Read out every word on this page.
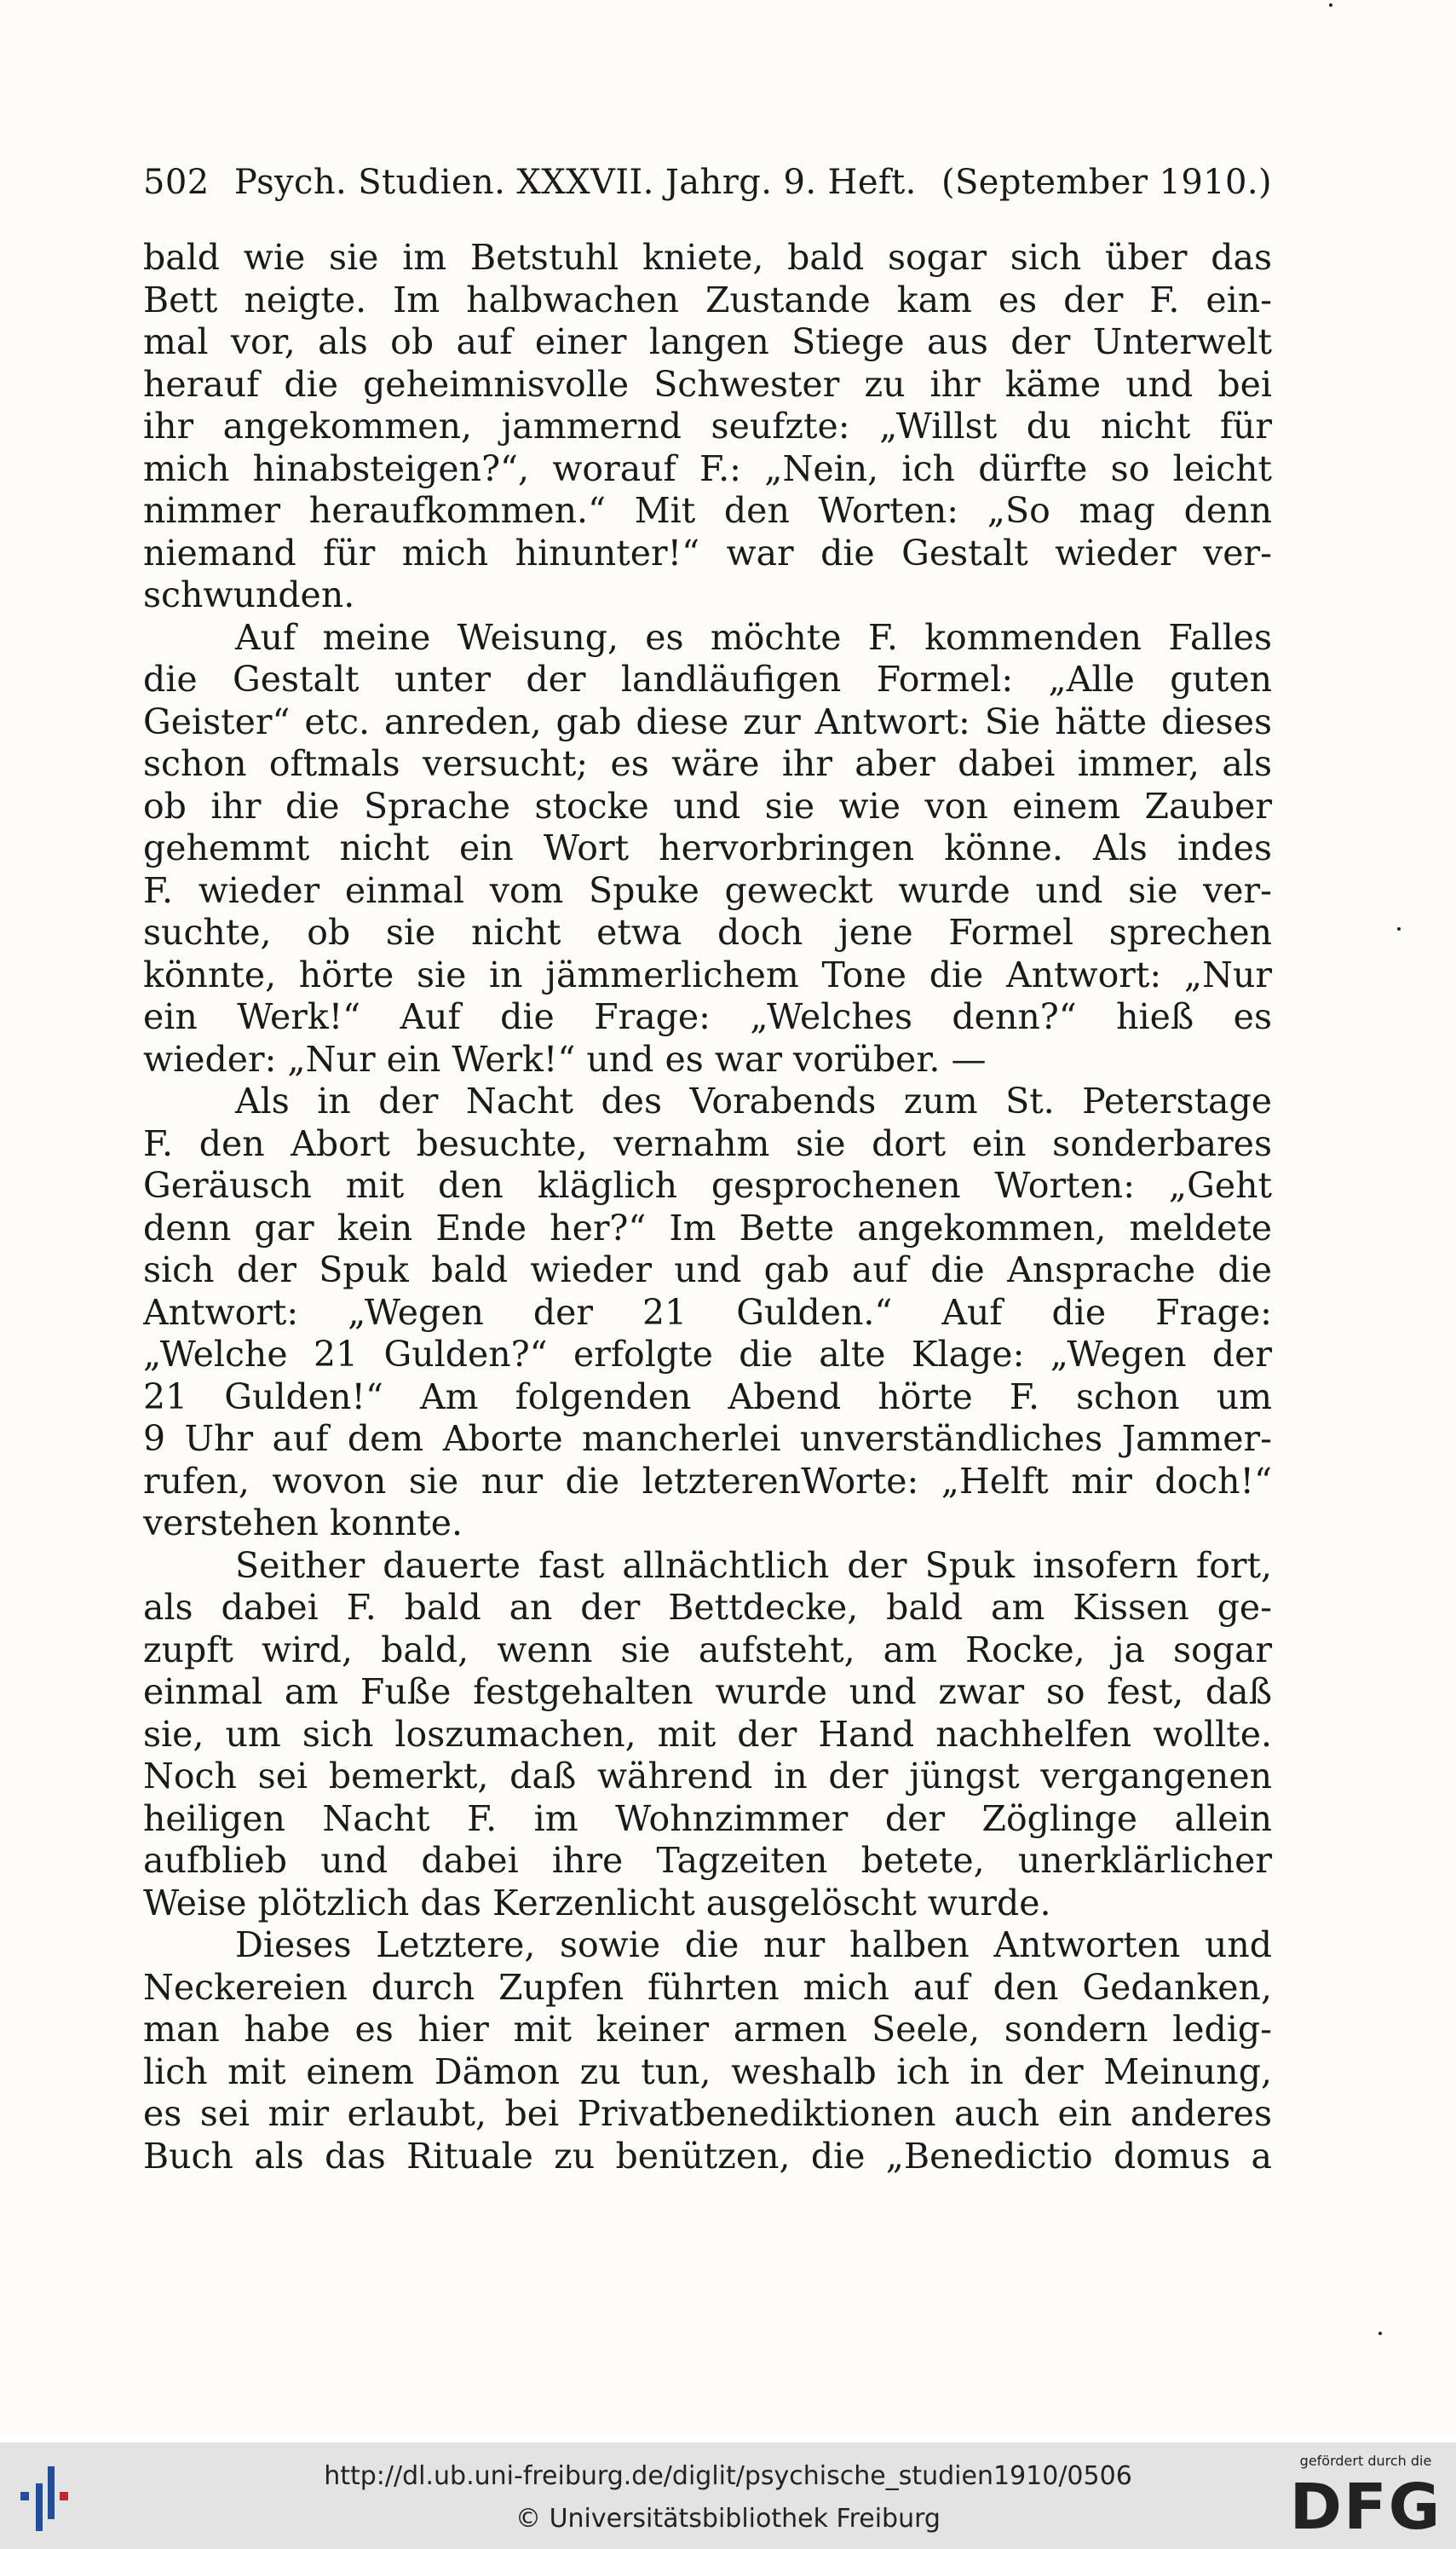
502 Psych. Studien. XXXVII. Jahrg. 9. Heft. (September 1910.)
bald wie sie im Betstuhl kniete, bald sogar sich über das
Bett neigte. Im halbwachen Zustande kam es der F. ein-
mal vor, als ob auf einer langen Stiege aus der Unterwelt
herauf die geheimnisvolle Schwester zu ihr käme und bei
ihr angekommen, jammernd seufzte: „Willst du nicht für
mich hinabsteigen?“, worauf F.: „Nein, ich dürfte so leicht
nimmer heraufkommen.“ Mit den Worten: „So mag denn
niemand für mich hinunter!“ war die Gestalt wieder ver-
schwunden.
Auf meine Weisung, es möchte F. kommenden Falles
die Gestalt unter der landläufigen Formel: „Alle guten
Geister“ etc. anreden, gab diese zur Antwort: Sie hätte dieses
schon oftmals versucht; es wäre ihr aber dabei immer, als
ob ihr die Sprache stocke und sie wie von einem Zauber
gehemmt nicht ein Wort hervorbringen könne. Als indes
F. wieder einmal vom Spuke geweckt wurde und sie ver-
suchte, ob sie nicht etwa doch jene Formel sprechen
könnte, hörte sie in jämmerlichem Tone die Antwort: „Nur
ein Werk!“ Auf die Frage: „Welches denn?“ hieß es
wieder: „Nur ein Werk!“ und es war vorüber. —
Als in der Nacht des Vorabends zum St. Peterstage
F. den Abort besuchte, vernahm sie dort ein sonderbares
Geräusch mit den kläglich gesprochenen Worten: „Geht
denn gar kein Ende her?“ Im Bette angekommen, meldete
sich der Spuk bald wieder und gab auf die Ansprache die
Antwort: „Wegen der 21 Gulden.“ Auf die Frage:
„Welche 21 Gulden?“ erfolgte die alte Klage: „Wegen der
21 Gulden!“ Am folgenden Abend hörte F. schon um
9 Uhr auf dem Aborte mancherlei unverständliches Jammer-
rufen, wovon sie nur die letzterenWorte: „Helft mir doch!“
verstehen konnte.
Seither dauerte fast allnächtlich der Spuk insofern fort,
als dabei F. bald an der Bettdecke, bald am Kissen ge-
zupft wird, bald, wenn sie aufsteht, am Rocke, ja sogar
einmal am Fuße festgehalten wurde und zwar so fest, daß
sie, um sich loszumachen, mit der Hand nachhelfen wollte.
Noch sei bemerkt, daß während in der jüngst vergangenen
heiligen Nacht F. im Wohnzimmer der Zöglinge allein
aufblieb und dabei ihre Tagzeiten betete, unerklärlicher
Weise plötzlich das Kerzenlicht ausgelöscht wurde.
Dieses Letztere, sowie die nur halben Antworten und
Neckereien durch Zupfen führten mich auf den Gedanken,
man habe es hier mit keiner armen Seele, sondern ledig-
lich mit einem Dämon zu tun, weshalb ich in der Meinung,
es sei mir erlaubt, bei Privatbenediktionen auch ein anderes
Buch als das Rituale zu benützen, die „Benedictio domus a
http://dl.ub.uni-freiburg.de/diglit/psychische_studien1910/0506
© Universitätsbibliothek Freiburg
gefördert durch die
DFG
